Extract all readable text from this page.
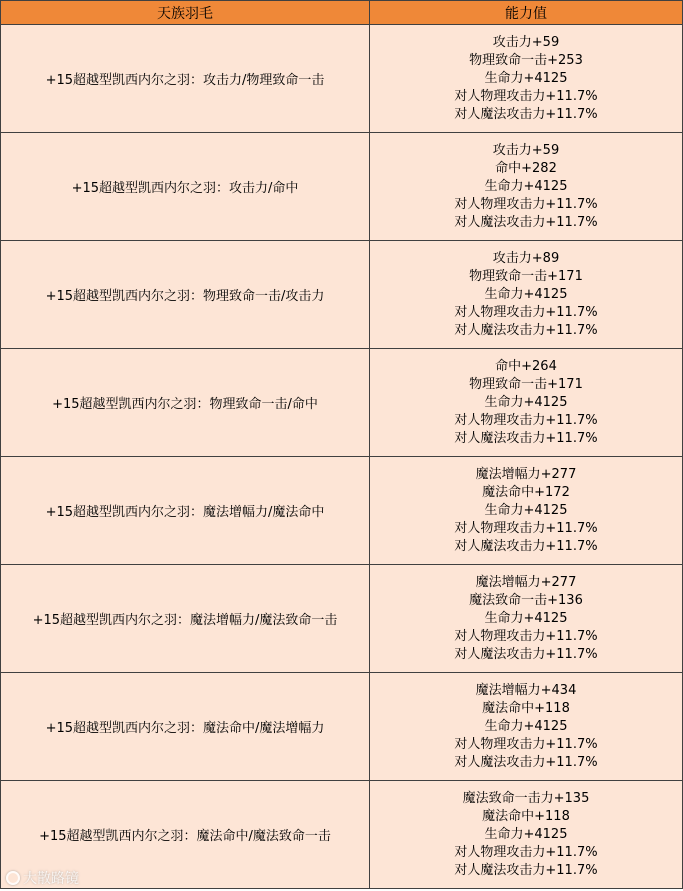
天族羽毛	能力值
+15超越型凯西内尔之羽：攻击力/物理致命一击	攻击力+59
物理致命一击+253
生命力+4125
对人物理攻击力+11.7%
对人魔法攻击力+11.7%

+15超越型凯西内尔之羽：攻击力/命中	攻击力+59
命中+282
生命力+4125
对人物理攻击力+11.7%
对人魔法攻击力+11.7%

+15超越型凯西内尔之羽：物理致命一击/攻击力	攻击力+89
物理致命一击+171
生命力+4125
对人物理攻击力+11.7%
对人魔法攻击力+11.7%

+15超越型凯西内尔之羽：物理致命一击/命中	命中+264
物理致命一击+171
生命力+4125
对人物理攻击力+11.7%
对人魔法攻击力+11.7%

+15超越型凯西内尔之羽：魔法增幅力/魔法命中	魔法增幅力+277
魔法命中+172
生命力+4125
对人物理攻击力+11.7%
对人魔法攻击力+11.7%

+15超越型凯西内尔之羽：魔法增幅力/魔法致命一击	魔法增幅力+277
魔法致命一击+136
生命力+4125
对人物理攻击力+11.7%
对人魔法攻击力+11.7%

+15超越型凯西内尔之羽：魔法命中/魔法增幅力	魔法增幅力+434
魔法命中+118
生命力+4125
对人物理攻击力+11.7%
对人魔法攻击力+11.7%

+15超越型凯西内尔之羽：魔法命中/魔法致命一击	魔法致命一击力+135
魔法命中+118
生命力+4125
对人物理攻击力+11.7%
对人魔法攻击力+11.7%
大散路镜
